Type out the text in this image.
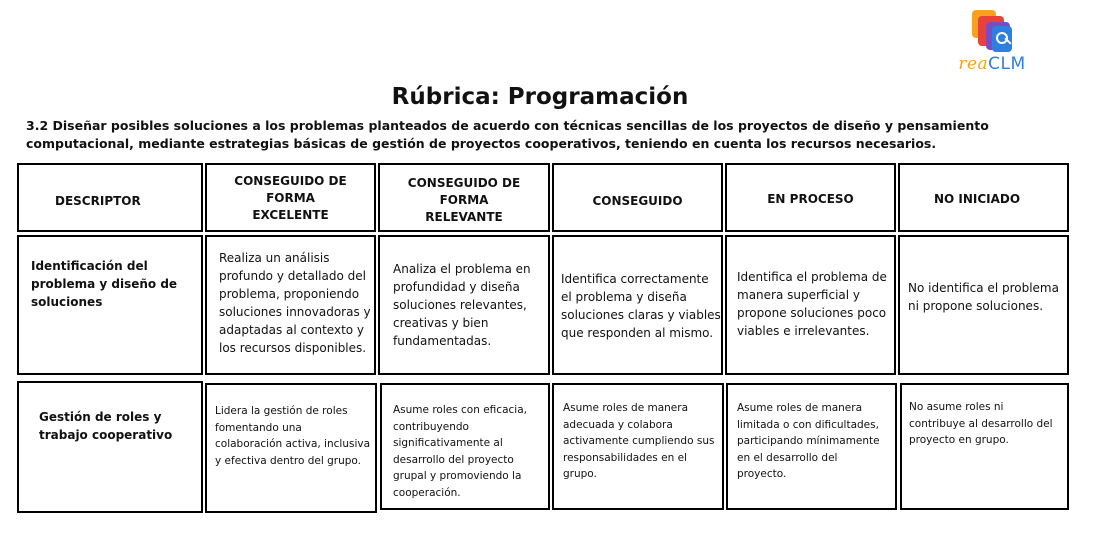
reaCLM
Rúbrica: Programación
3.2 Diseñar posibles soluciones a los problemas planteados de acuerdo con técnicas sencillas de los proyectos de diseño y pensamiento computacional, mediante estrategias básicas de gestión de proyectos cooperativos, teniendo en cuenta los recursos necesarios.
DESCRIPTOR
CONSEGUIDO DE
FORMA
EXCELENTE
CONSEGUIDO DE
FORMA
RELEVANTE
CONSEGUIDO	EN PROCESO	NO INICIADO
Identificación del
problema y diseño de
soluciones
Realiza un análisis
profundo y detallado del
problema, proponiendo
soluciones innovadoras y
adaptadas al contexto y
los recursos disponibles.
Analiza el problema en
profundidad y diseña
soluciones relevantes,
creativas y bien
fundamentadas.
Identifica correctamente
el problema y diseña
soluciones claras y viables
que responden al mismo.
Identifica el problema de
manera superficial y
propone soluciones poco
viables e irrelevantes.
No identifica el problema
ni propone soluciones.
Gestión de roles y
trabajo cooperativo
Lidera la gestión de roles
fomentando una
colaboración activa, inclusiva
y efectiva dentro del grupo.
Asume roles con eficacia,
contribuyendo
significativamente al
desarrollo del proyecto
grupal y promoviendo la
cooperación.
Asume roles de manera
adecuada y colabora
activamente cumpliendo sus
responsabilidades en el
grupo.
Asume roles de manera
limitada o con dificultades,
participando mínimamente
en el desarrollo del
proyecto.
No asume roles ni
contribuye al desarrollo del
proyecto en grupo.
